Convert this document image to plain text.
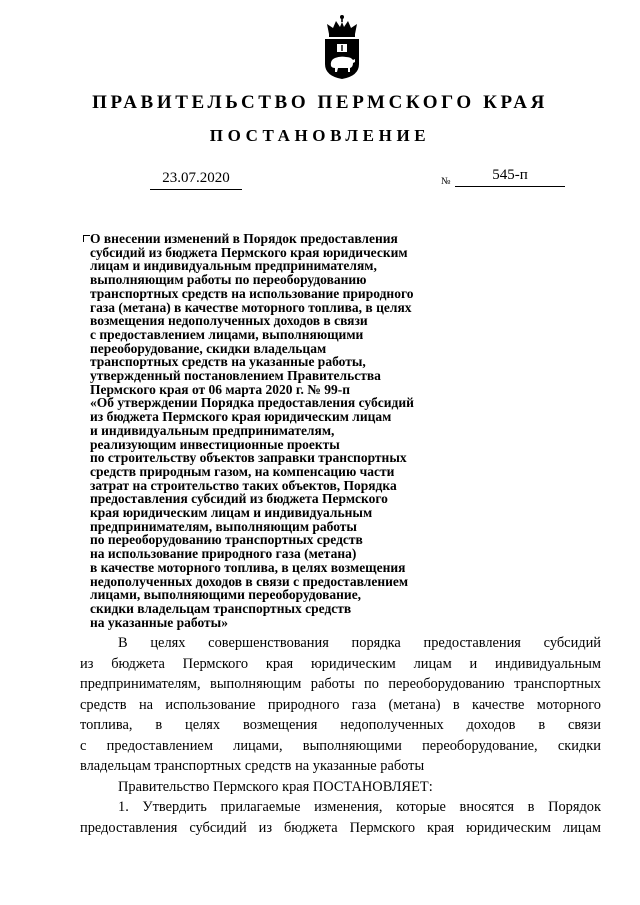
ПРАВИТЕЛЬСТВО ПЕРМСКОГО КРАЯ
ПОСТАНОВЛЕНИЕ
23.07.2020	№	545-п
О внесении изменений в Порядок предоставления
субсидий из бюджета Пермского края юридическим
лицам и индивидуальным предпринимателям,
выполняющим работы по переоборудованию
транспортных средств на использование природного
газа (метана) в качестве моторного топлива, в целях
возмещения недополученных доходов в связи
с предоставлением лицами, выполняющими
переоборудование, скидки владельцам
транспортных средств на указанные работы,
утвержденный постановлением Правительства
Пермского края от 06 марта 2020 г. № 99-п
«Об утверждении Порядка предоставления субсидий
из бюджета Пермского края юридическим лицам
и индивидуальным предпринимателям,
реализующим инвестиционные проекты
по строительству объектов заправки транспортных
средств природным газом, на компенсацию части
затрат на строительство таких объектов, Порядка
предоставления субсидий из бюджета Пермского
края юридическим лицам и индивидуальным
предпринимателям, выполняющим работы
по переоборудованию транспортных средств
на использование природного газа (метана)
в качестве моторного топлива, в целях возмещения
недополученных доходов в связи с предоставлением
лицами, выполняющими переоборудование,
скидки владельцам транспортных средств
на указанные работы»
В целях совершенствования порядка предоставления субсидий
из бюджета Пермского края юридическим лицам и индивидуальным
предпринимателям, выполняющим работы по переоборудованию транспортных
средств на использование природного газа (метана) в качестве моторного
топлива, в целях возмещения недополученных доходов в связи
с предоставлением лицами, выполняющими переоборудование, скидки
владельцам транспортных средств на указанные работы
Правительство Пермского края ПОСТАНОВЛЯЕТ:
1. Утвердить прилагаемые изменения, которые вносятся в Порядок
предоставления субсидий из бюджета Пермского края юридическим лицам
